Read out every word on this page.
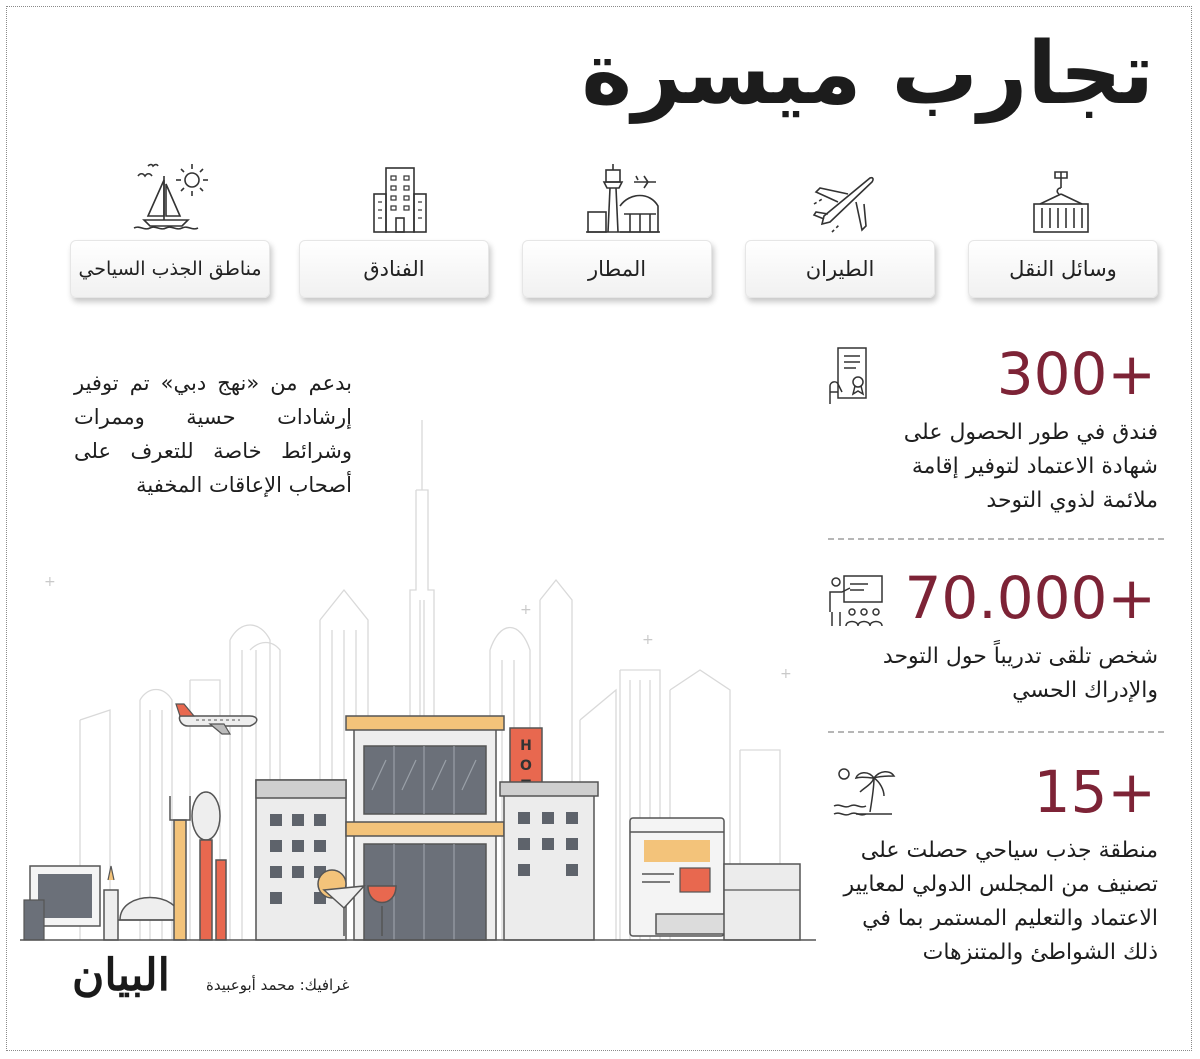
تجارب ميسرة
وسائل النقل
الطيران
المطار
الفنادق
مناطق الجذب السياحي
300+
فندق في طور الحصول على
شهادة الاعتماد لتوفير إقامة
ملائمة لذوي التوحد
70.000+
شخص تلقى تدريباً حول التوحد
والإدراك الحسي
15+
منطقة جذب سياحي حصلت على
تصنيف من المجلس الدولي لمعايير
الاعتماد والتعليم المستمر بما في
ذلك الشواطئ والمتنزهات
بدعم من «نهج دبي» تم توفير إرشادات حسية وممرات وشرائط خاصة للتعرف على أصحاب الإعاقات المخفية
+
+
+
+
H
O
غرافيك: محمد أبوعبيدة
البيان
